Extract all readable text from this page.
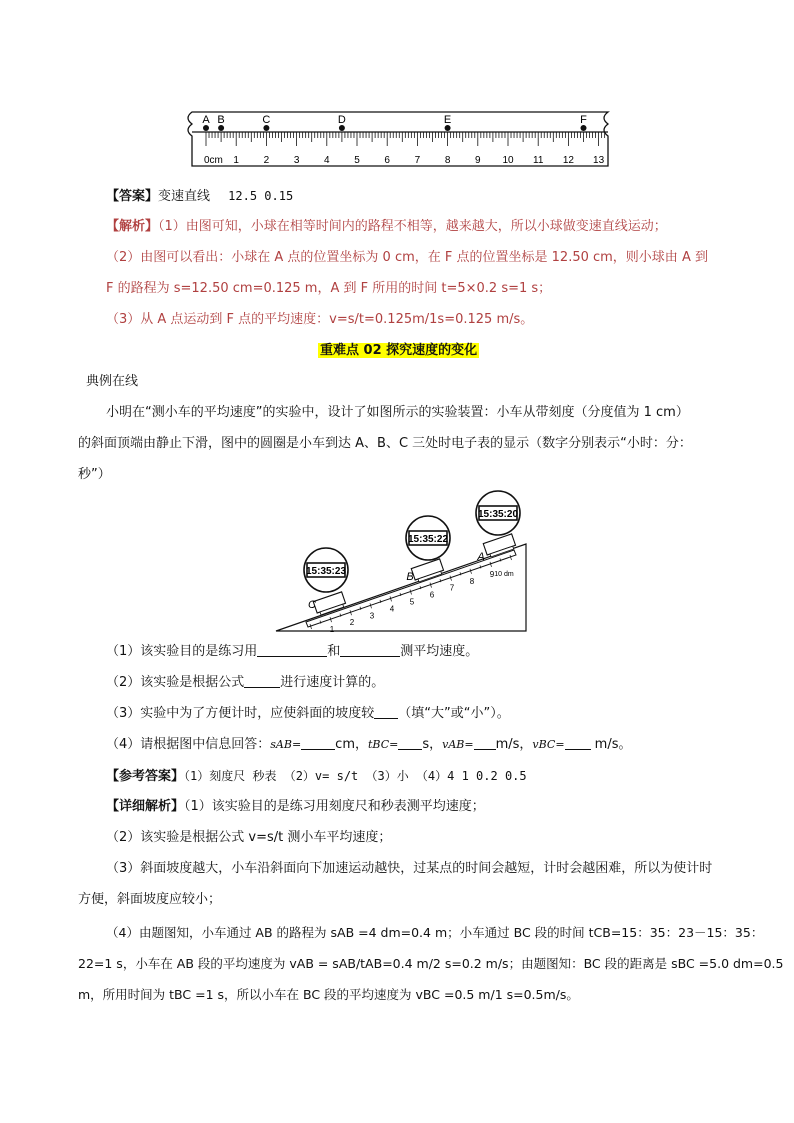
0cm 1 2 3 4 5 6 7 8 9 10 11 12 13
A B	C	D	E	F
【答案】变速直线 12.5 0.15
【解析】（1）由图可知，小球在相等时间内的路程不相等，越来越大，所以小球做变速直线运动；
（2）由图可以看出：小球在 A 点的位置坐标为 0 cm，在 F 点的位置坐标是 12.50 cm，则小球由 A 到
F 的路程为 s=12.50 cm=0.125 m，A 到 F 所用的时间 t=5×0.2 s=1 s；
（3）从 A 点运动到 F 点的平均速度：v=s/t=0.125m/1s=0.125 m/s。
重难点 02 探究速度的变化
典例在线
小明在“测小车的平均速度”的实验中，设计了如图所示的实验装置：小车从带刻度（分度值为 1 cm）
的斜面顶端由静止下滑，图中的圆圈是小车到达 A、B、C 三处时电子表的显示（数字分别表示“小时：分：
秒”）
1
2
3
4
5
6
7
8
9 10 dm
A
15:35:20
B
15:35:22
C
15:35:23
（1）该实验目的是练习用	和	测平均速度。
（2）该实验是根据公式	进行速度计算的。
（3）实验中为了方便计时，应使斜面的坡度较 （填“大”或“小”）。
（4）请根据图中信息回答：sAB=	cm，tBC= s，vAB= m/s，vBC= m/s。
【参考答案】（1）刻度尺 秒表 （2）v= s/t （3）小 （4）4 1 0.2 0.5
【详细解析】（1）该实验目的是练习用刻度尺和秒表测平均速度；
（2）该实验是根据公式 v=s/t 测小车平均速度；
（3）斜面坡度越大，小车沿斜面向下加速运动越快，过某点的时间会越短，计时会越困难，所以为使计时
方便，斜面坡度应较小；
（4）由题图知，小车通过 AB 的路程为 sAB =4 dm=0.4 m；小车通过 BC 段的时间 tCB=15：35：23－15：35：
22=1 s，小车在 AB 段的平均速度为 vAB = sAB/tAB=0.4 m/2 s=0.2 m/s；由题图知：BC 段的距离是 sBC =5.0 dm=0.5
m，所用时间为 tBC =1 s，所以小车在 BC 段的平均速度为 vBC =0.5 m/1 s=0.5m/s。
